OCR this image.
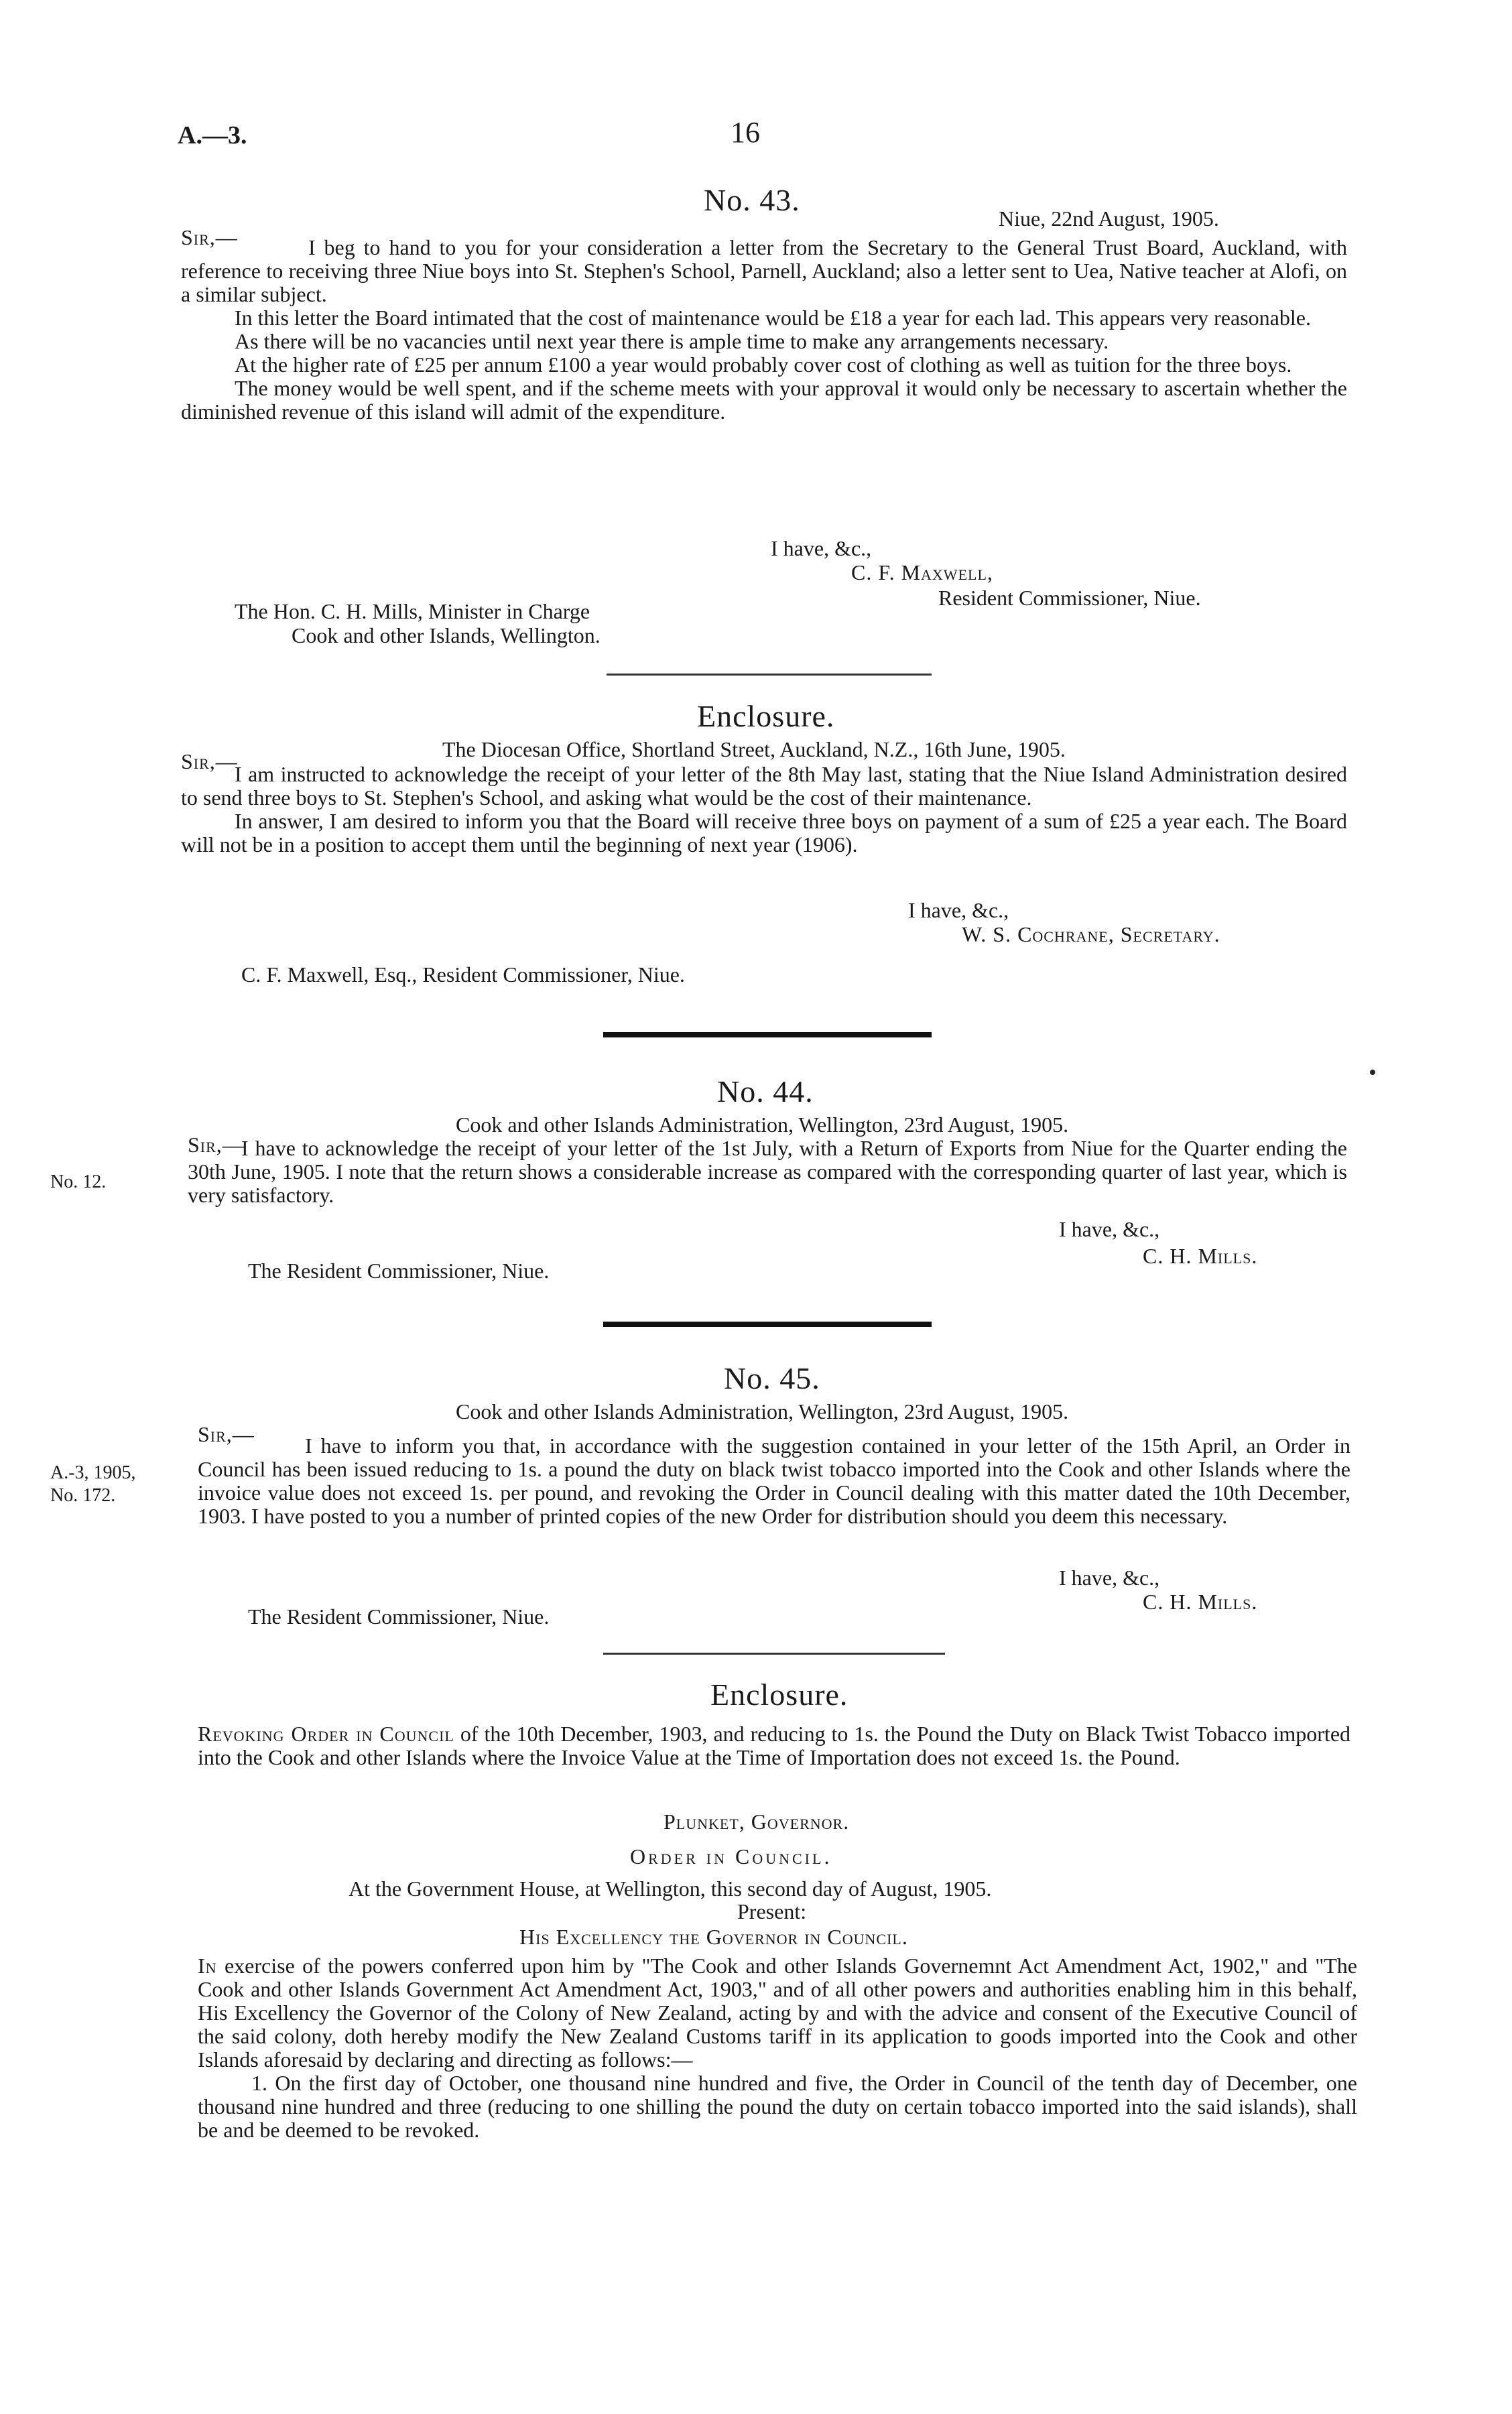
A.—3.	16
No. 43.
Niue, 22nd August, 1905.
Sir,—	I beg to hand to you for your consideration a letter from the Secretary to the General Trust Board, Auckland, with reference to receiving three Niue boys into St. Stephen's School, Parnell, Auckland; also a letter sent to Uea, Native teacher at Alofi, on a similar subject.

In this letter the Board intimated that the cost of maintenance would be £18 a year for each lad. This appears very reasonable.

As there will be no vacancies until next year there is ample time to make any arrangements necessary.

At the higher rate of £25 per annum £100 a year would probably cover cost of clothing as well as tuition for the three boys.

The money would be well spent, and if the scheme meets with your approval it would only be necessary to ascertain whether the diminished revenue of this island will admit of the expenditure.

I have, &c.,
C. F. Maxwell,
Resident Commissioner, Niue.
The Hon. C. H. Mills, Minister in Charge
Cook and other Islands, Wellington.
Enclosure.
Sir,—	The Diocesan Office, Shortland Street, Auckland, N.Z., 16th June, 1905.

I am instructed to acknowledge the receipt of your letter of the 8th May last, stating that the Niue Island Administration desired to send three boys to St. Stephen's School, and asking what would be the cost of their maintenance.

In answer, I am desired to inform you that the Board will receive three boys on payment of a sum of £25 a year each. The Board will not be in a position to accept them until the beginning of next year (1906).

I have, &c.,
W. S. Cochrane, Secretary.
C. F. Maxwell, Esq., Resident Commissioner, Niue.
No. 44.
No. 12.
Sir,—
Cook and other Islands Administration, Wellington, 23rd August, 1905.

I have to acknowledge the receipt of your letter of the 1st July, with a Return of Exports from Niue for the Quarter ending the 30th June, 1905. I note that the return shows a considerable increase as compared with the corresponding quarter of last year, which is very satisfactory.

I have, &c.,
C. H. Mills.
The Resident Commissioner, Niue.
No. 45.
A.-3, 1905,
No. 172.
Sir,—
Cook and other Islands Administration, Wellington, 23rd August, 1905.

I have to inform you that, in accordance with the suggestion contained in your letter of the 15th April, an Order in Council has been issued reducing to 1s. a pound the duty on black twist tobacco imported into the Cook and other Islands where the invoice value does not exceed 1s. per pound, and revoking the Order in Council dealing with this matter dated the 10th December, 1903. I have posted to you a number of printed copies of the new Order for distribution should you deem this necessary.

I have, &c.,
C. H. Mills.
The Resident Commissioner, Niue.
Enclosure.

Revoking Order in Council of the 10th December, 1903, and reducing to 1s. the Pound the Duty on Black Twist Tobacco imported into the Cook and other Islands where the Invoice Value at the Time of Importation does not exceed 1s. the Pound.

Plunket, Governor.
Order in Council.
At the Government House, at Wellington, this second day of August, 1905.
Present:
His Excellency the Governor in Council.

In exercise of the powers conferred upon him by "The Cook and other Islands Governemnt Act Amendment Act, 1902," and "The Cook and other Islands Government Act Amendment Act, 1903," and of all other powers and authorities enabling him in this behalf, His Excellency the Governor of the Colony of New Zealand, acting by and with the advice and consent of the Executive Council of the said colony, doth hereby modify the New Zealand Customs tariff in its application to goods imported into the Cook and other Islands aforesaid by declaring and directing as follows:—

1. On the first day of October, one thousand nine hundred and five, the Order in Council of the tenth day of December, one thousand nine hundred and three (reducing to one shilling the pound the duty on certain tobacco imported into the said islands), shall be and be deemed to be revoked.
